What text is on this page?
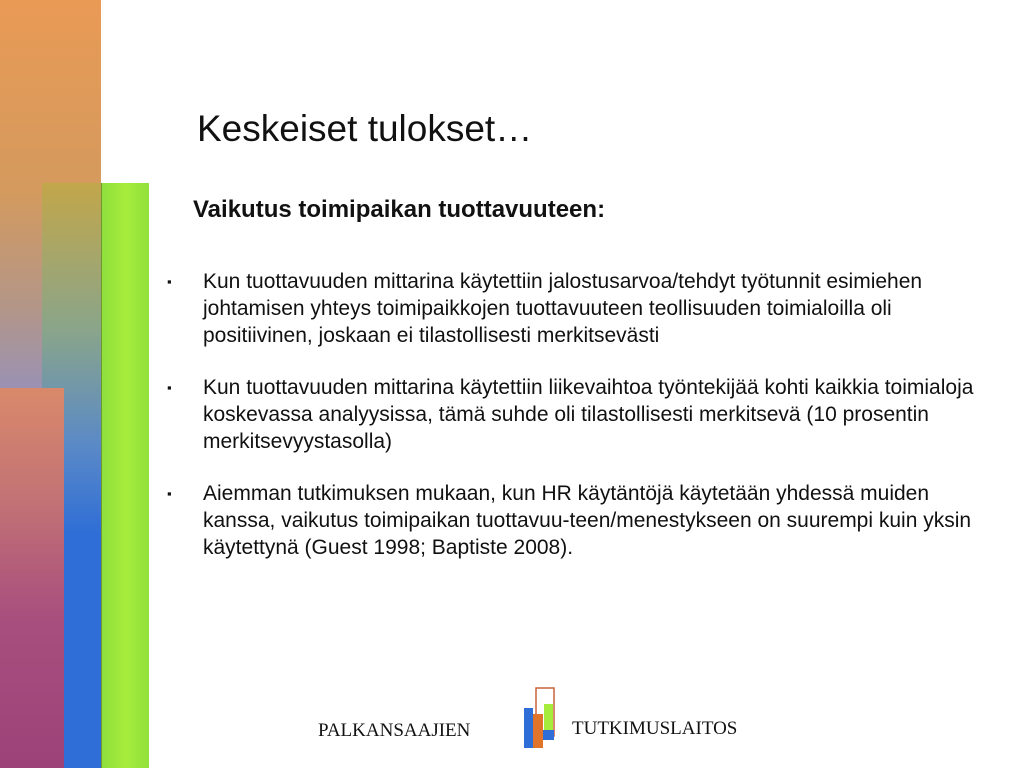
Keskeiset tulokset…
Vaikutus toimipaikan tuottavuuteen:
▪ Kun tuottavuuden mittarina käytettiin jalostusarvoa/tehdyt työtunnit esimiehen johtamisen yhteys toimipaikkojen tuottavuuteen teollisuuden toimialoilla oli positiivinen, joskaan ei tilastollisesti merkitsevästi
▪ Kun tuottavuuden mittarina käytettiin liikevaihtoa työntekijää kohti kaikkia toimialoja koskevassa analyysissa, tämä suhde oli tilastollisesti merkitsevä (10 prosentin merkitsevyystasolla)
▪ Aiemman tutkimuksen mukaan, kun HR käytäntöjä käytetään yhdessä muiden kanssa, vaikutus toimipaikan tuottavuu-teen/menestykseen on suurempi kuin yksin käytettynä (Guest 1998; Baptiste 2008).

PALKANSAAJIEN	TUTKIMUSLAITOS
